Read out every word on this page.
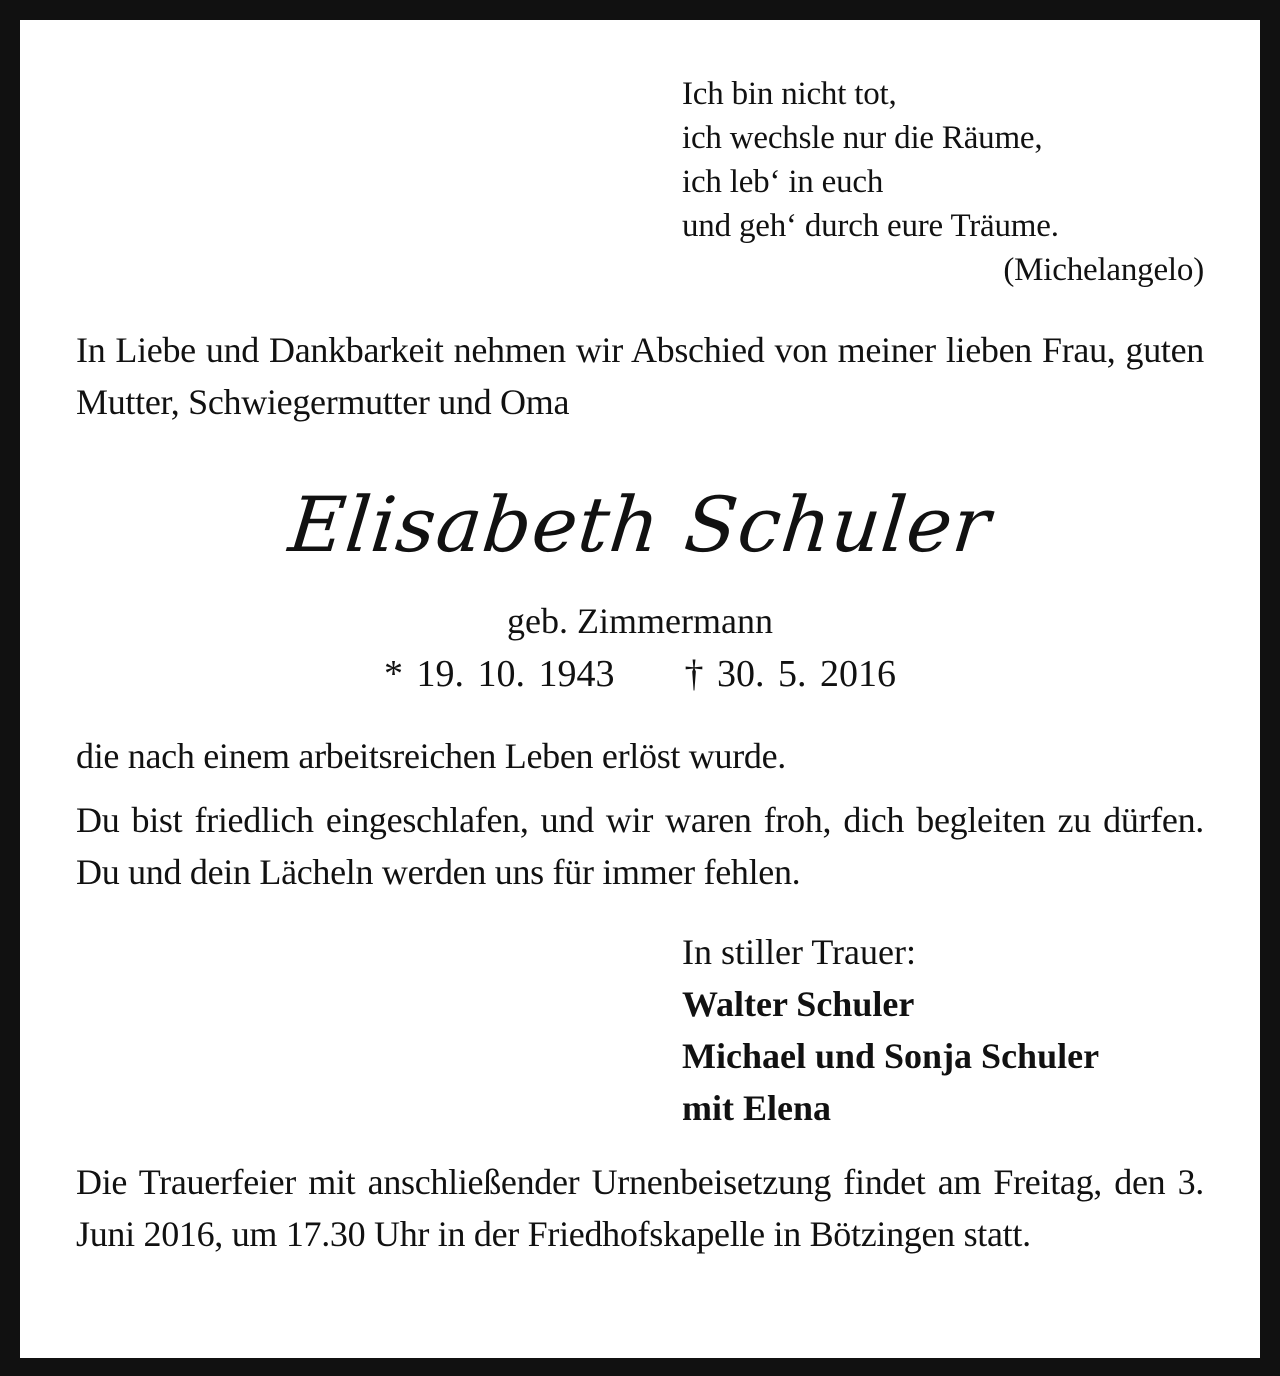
Ich bin nicht tot,
ich wechsle nur die Räume,
ich leb‘ in euch
und geh‘ durch eure Träume.
(Michelangelo)
In Liebe und Dankbarkeit nehmen wir Abschied von meiner lieben Frau, guten Mutter, Schwiegermutter und Oma
Elisabeth Schuler
geb. Zimmermann
* 19. 10. 1943 † 30. 5. 2016
die nach einem arbeitsreichen Leben erlöst wurde.
Du bist friedlich eingeschlafen, und wir waren froh, dich begleiten zu dürfen. Du und dein Lächeln werden uns für immer fehlen.
In stiller Trauer:
Walter Schuler
Michael und Sonja Schuler
mit Elena
Die Trauerfeier mit anschließender Urnenbeisetzung findet am Freitag, den 3. Juni 2016, um 17.30 Uhr in der Friedhofskapelle in Bötzingen statt.
